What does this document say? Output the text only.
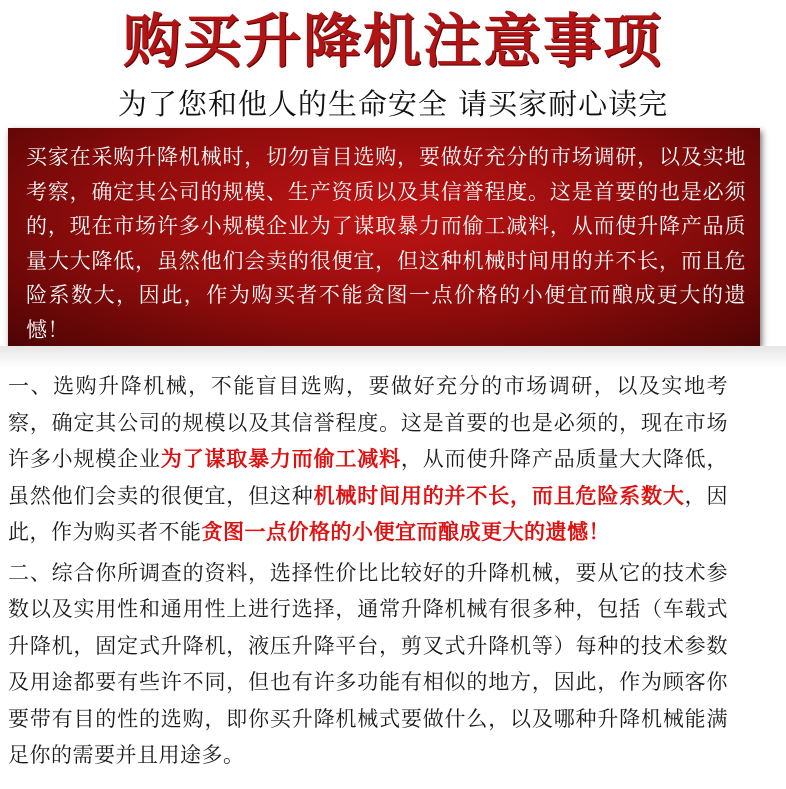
购买升降机注意事项
为了您和他人的生命安全 请买家耐心读完

买家在采购升降机械时，切勿盲目选购，要做好充分的市场调研，以及实地考察，确定其公司的规模、生产资质以及其信誉程度。这是首要的也是必须的，现在市场许多小规模企业为了谋取暴力而偷工减料，从而使升降产品质量大大降低，虽然他们会卖的很便宜，但这种机械时间用的并不长，而且危险系数大，因此，作为购买者不能贪图一点价格的小便宜而酿成更大的遗憾！

一、选购升降机械，不能盲目选购，要做好充分的市场调研，以及实地考察，确定其公司的规模以及其信誉程度。这是首要的也是必须的，现在市场许多小规模企业为了谋取暴力而偷工减料，从而使升降产品质量大大降低，虽然他们会卖的很便宜，但这种机械时间用的并不长，而且危险系数大，因此，作为购买者不能贪图一点价格的小便宜而酿成更大的遗憾！

二、综合你所调查的资料，选择性价比比较好的升降机械，要从它的技术参数以及实用性和通用性上进行选择，通常升降机械有很多种，包括（车载式升降机，固定式升降机，液压升降平台，剪叉式升降机等）每种的技术参数及用途都要有些许不同，但也有许多功能有相似的地方，因此，作为顾客你要带有目的性的选购，即你买升降机械式要做什么，以及哪种升降机械能满足你的需要并且用途多。
